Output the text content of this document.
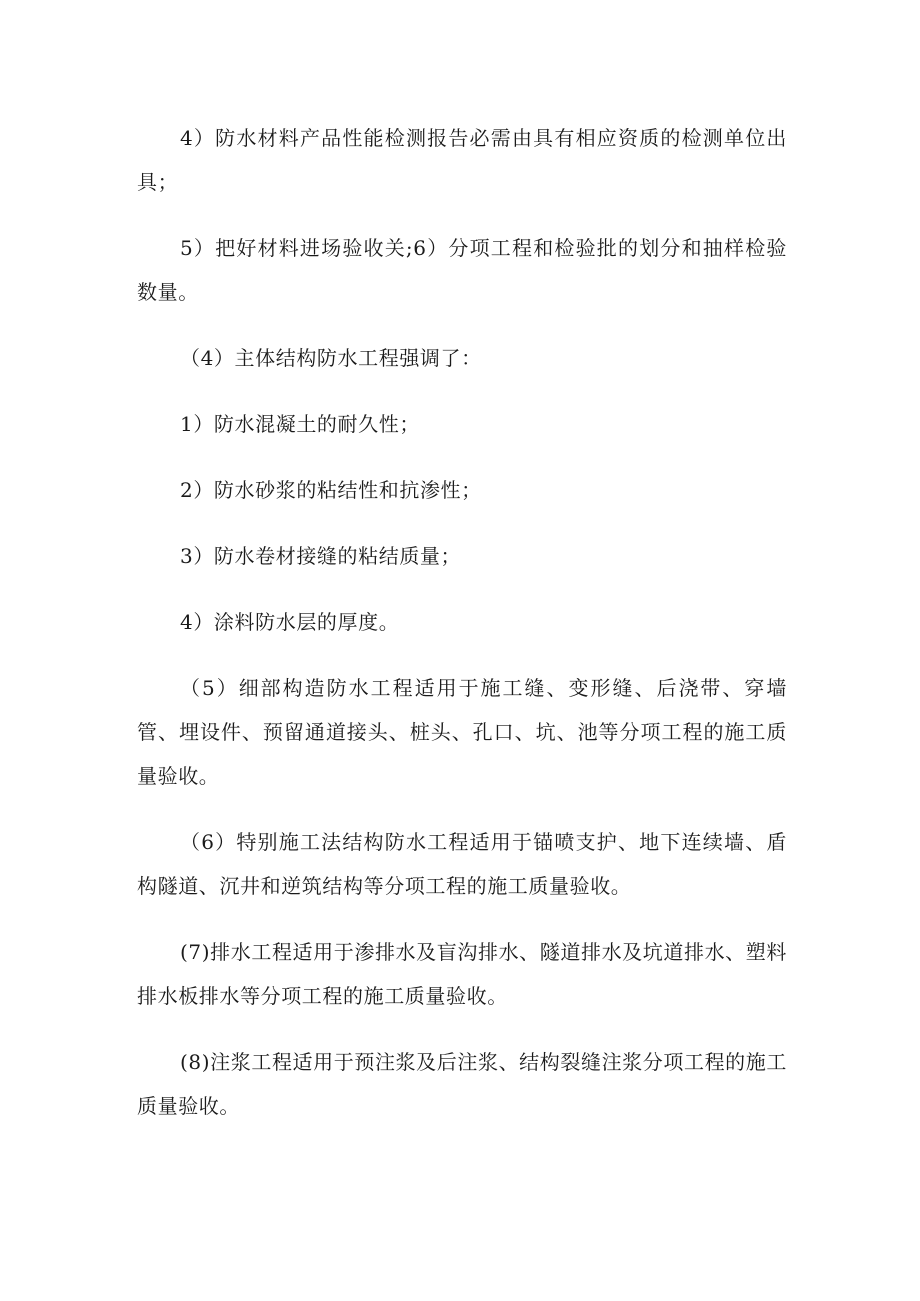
4）防水材料产品性能检测报告必需由具有相应资质的检测单位出具；

5）把好材料进场验收关;6）分项工程和检验批的划分和抽样检验数量。

（4）主体结构防水工程强调了：

1）防水混凝土的耐久性；

2）防水砂浆的粘结性和抗渗性；

3）防水卷材接缝的粘结质量；

4）涂料防水层的厚度。

（5）细部构造防水工程适用于施工缝、变形缝、后浇带、穿墙管、埋设件、预留通道接头、桩头、孔口、坑、池等分项工程的施工质量验收。

（6）特别施工法结构防水工程适用于锚喷支护、地下连续墙、盾构隧道、沉井和逆筑结构等分项工程的施工质量验收。

(7)排水工程适用于渗排水及盲沟排水、隧道排水及坑道排水、塑料排水板排水等分项工程的施工质量验收。

(8)注浆工程适用于预注浆及后注浆、结构裂缝注浆分项工程的施工质量验收。
